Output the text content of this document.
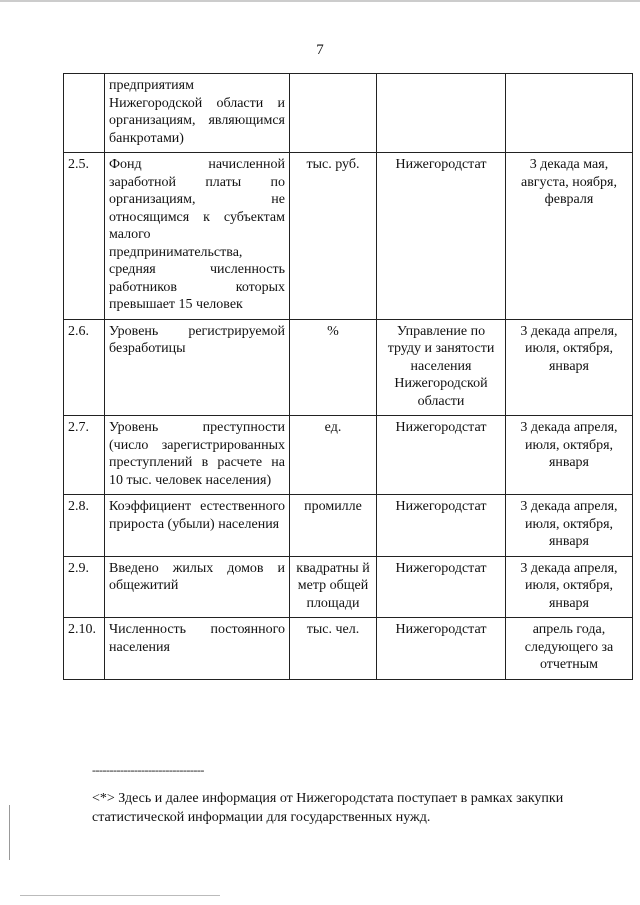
7
	предприятиям Нижегородской области и организациям, являющимся банкротами)			
2.5.	Фонд начисленной заработной платы по организациям, не относящимся к субъектам малого предпринимательства, средняя численность работников которых превышает 15 человек	тыс. руб.	Нижегородстат	3 декада мая, августа, ноября, февраля
2.6.	Уровень регистрируемой безработицы	%	Управление по труду и занятости населения Нижегородской области	3 декада апреля, июля, октября, января
2.7.	Уровень преступности (число зарегистрированных преступлений в расчете на 10 тыс. человек населения)	ед.	Нижегородстат	3 декада апреля, июля, октября, января
2.8.	Коэффициент естественного прироста (убыли) населения	промилле	Нижегородстат	3 декада апреля, июля, октября, января
2.9.	Введено жилых домов и общежитий	квадратны й метр общей площади	Нижегородстат	3 декада апреля, июля, октября, января
2.10.	Численность постоянного населения	тыс. чел.	Нижегородстат	апрель года, следующего за отчетным
--------------------------------
<*> Здесь и далее информация от Нижегородстата поступает в рамках закупки статистической информации для государственных нужд.
